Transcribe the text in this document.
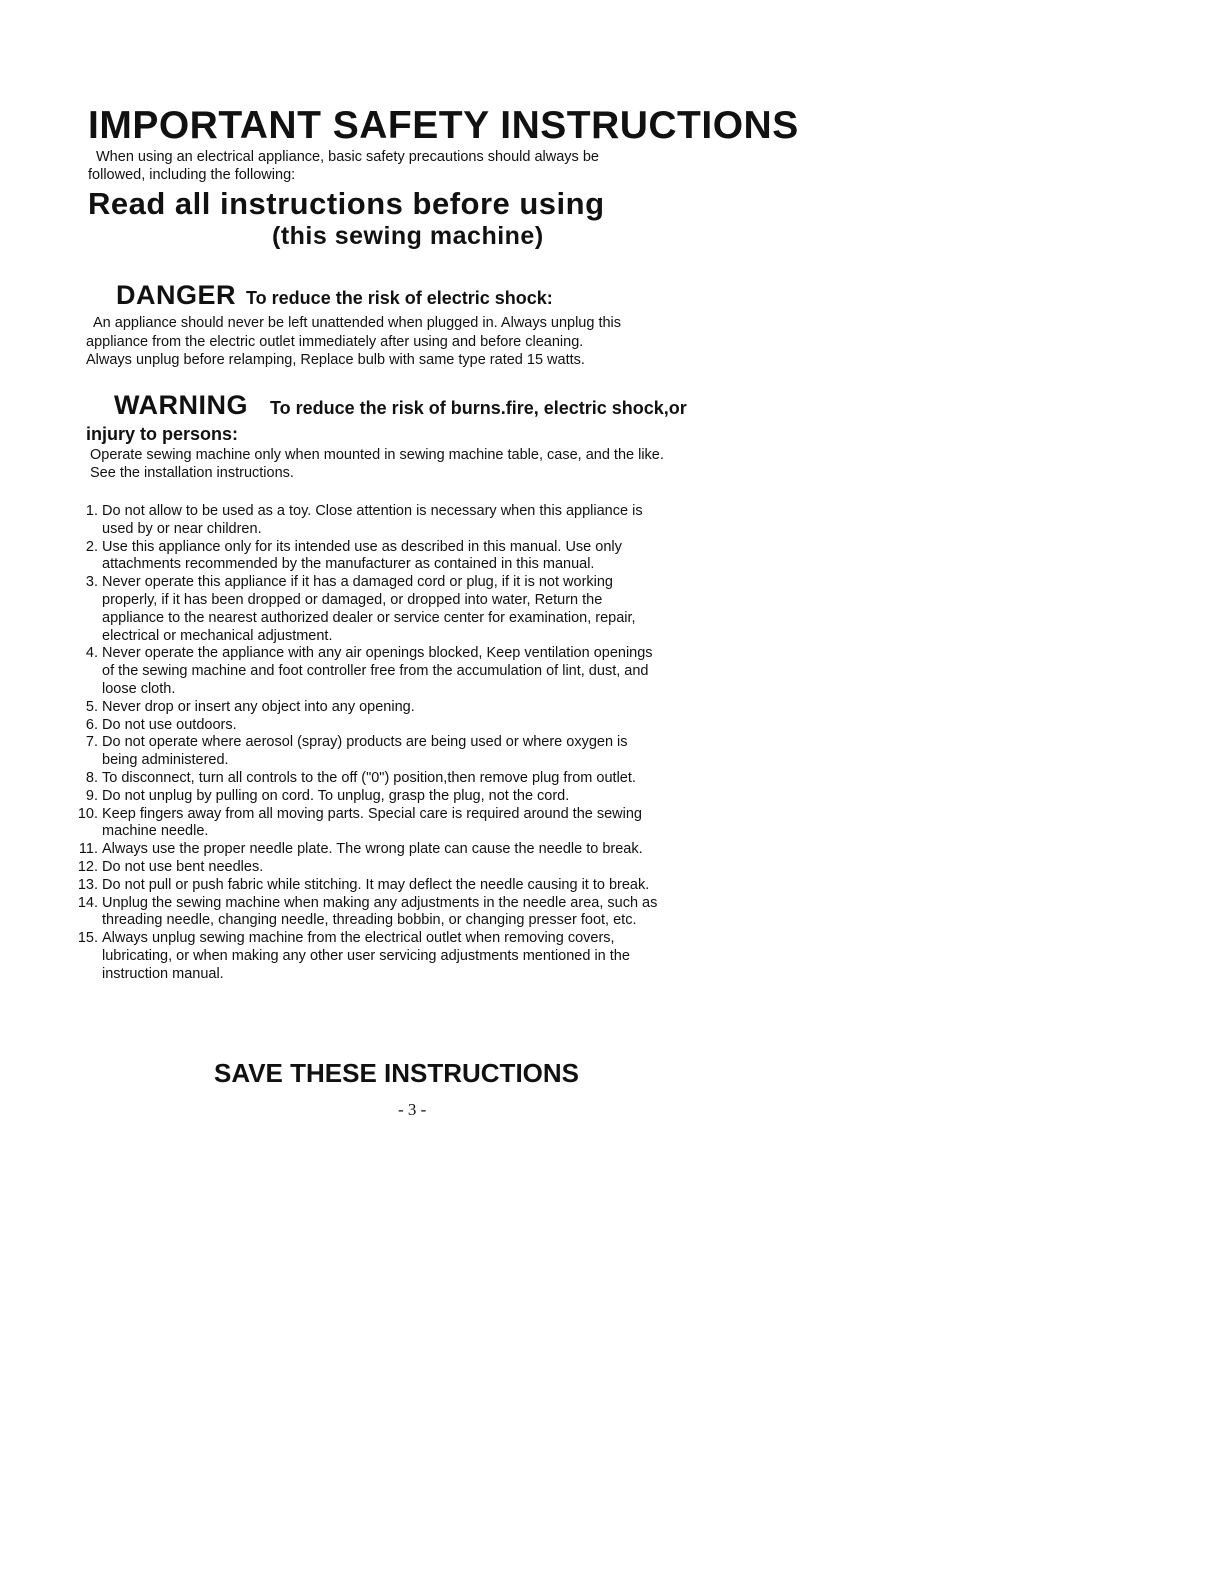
IMPORTANT SAFETY INSTRUCTIONS

When using an electrical appliance, basic safety precautions should always be
followed, including the following:

Read all instructions before using
(this sewing machine)

DANGER To reduce the risk of electric shock:

An appliance should never be left unattended when plugged in. Always unplug this
appliance from the electric outlet immediately after using and before cleaning.
Always unplug before relamping, Replace bulb with same type rated 15 watts.

WARNING To reduce the risk of burns.fire, electric shock,or

injury to persons:

Operate sewing machine only when mounted in sewing machine table, case, and the like.
See the installation instructions.

1. Do not allow to be used as a toy. Close attention is necessary when this appliance is
used by or near children.
2. Use this appliance only for its intended use as described in this manual. Use only
attachments recommended by the manufacturer as contained in this manual.
3. Never operate this appliance if it has a damaged cord or plug, if it is not working
properly, if it has been dropped or damaged, or dropped into water, Return the
appliance to the nearest authorized dealer or service center for examination, repair,
electrical or mechanical adjustment.
4. Never operate the appliance with any air openings blocked, Keep ventilation openings
of the sewing machine and foot controller free from the accumulation of lint, dust, and
loose cloth.
5. Never drop or insert any object into any opening.
6. Do not use outdoors.
7. Do not operate where aerosol (spray) products are being used or where oxygen is
being administered.
8. To disconnect, turn all controls to the off ("0") position,then remove plug from outlet.
9. Do not unplug by pulling on cord. To unplug, grasp the plug, not the cord.
10. Keep fingers away from all moving parts. Special care is required around the sewing
machine needle.
11. Always use the proper needle plate. The wrong plate can cause the needle to break.
12. Do not use bent needles.
13. Do not pull or push fabric while stitching. It may deflect the needle causing it to break.
14. Unplug the sewing machine when making any adjustments in the needle area, such as
threading needle, changing needle, threading bobbin, or changing presser foot, etc.
15. Always unplug sewing machine from the electrical outlet when removing covers,
lubricating, or when making any other user servicing adjustments mentioned in the
instruction manual.

SAVE THESE INSTRUCTIONS

- 3 -
